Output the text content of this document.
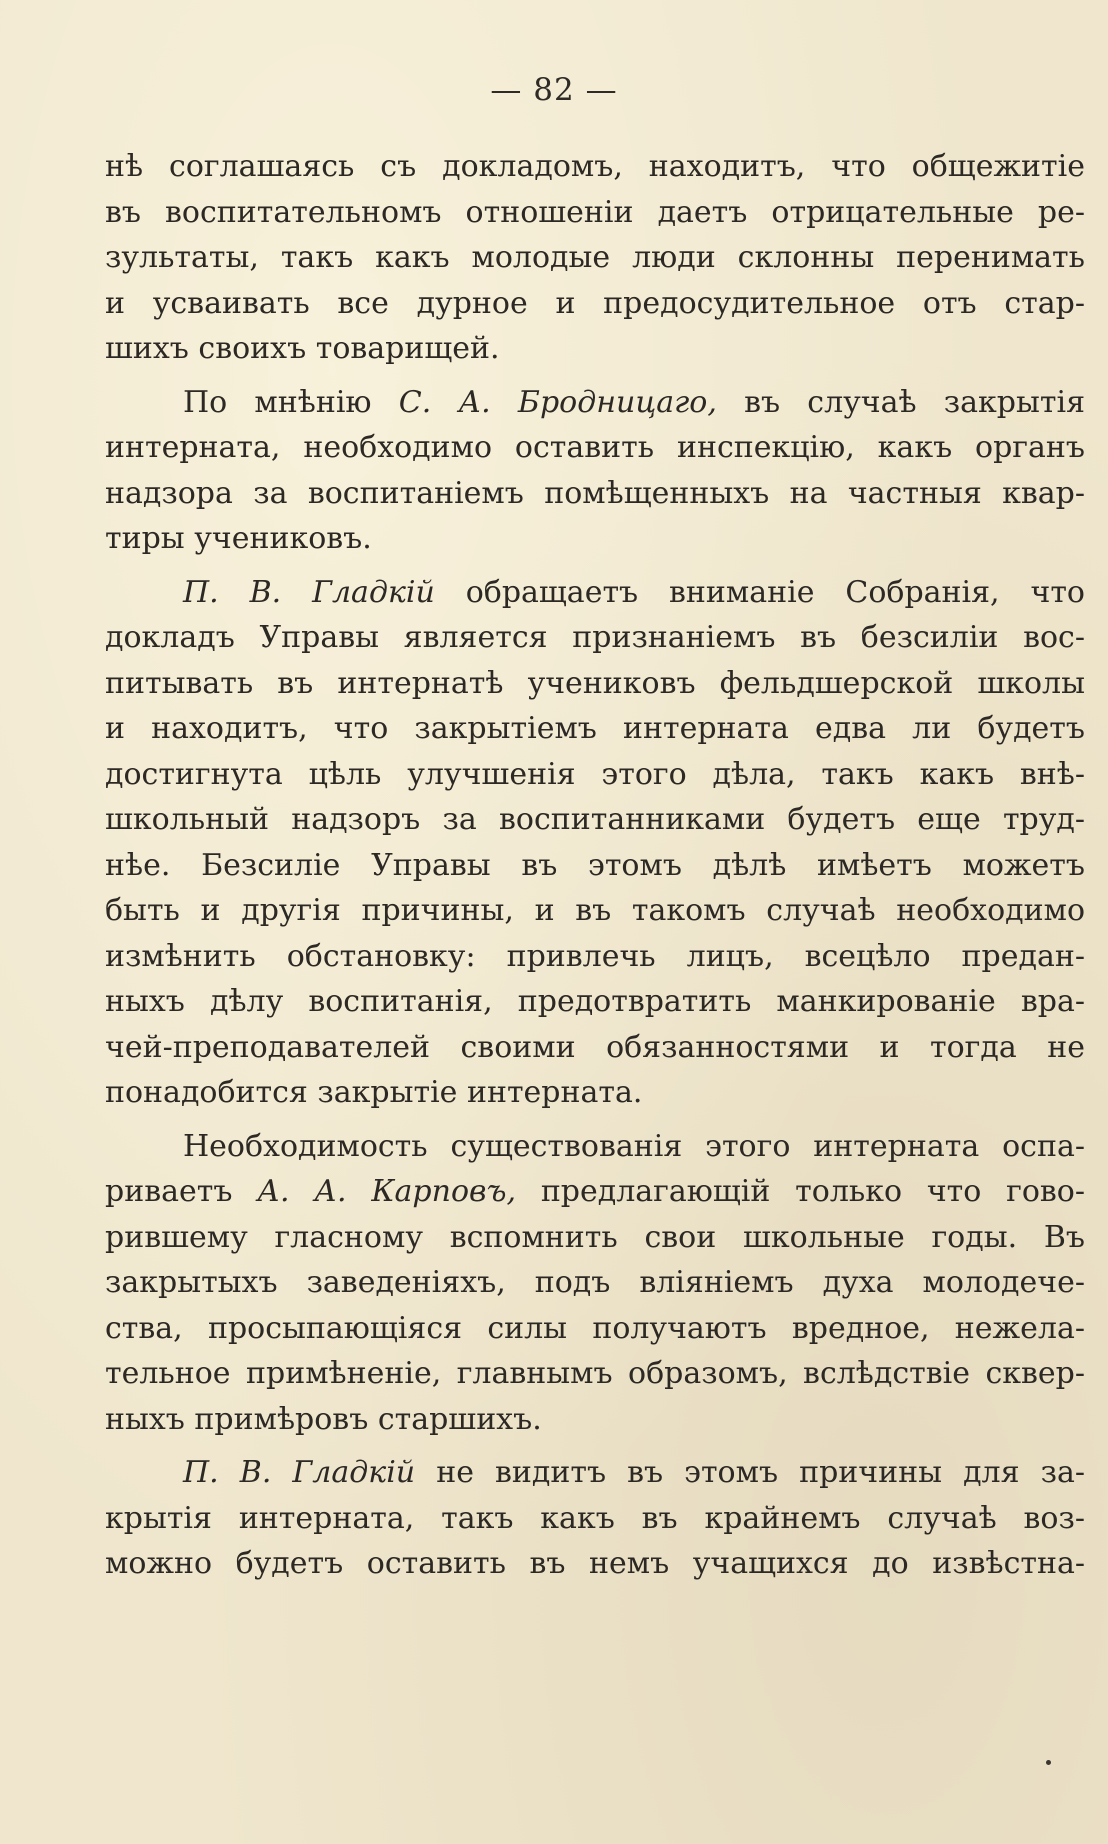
— 82 —
нѣ соглашаясь съ докладомъ, находитъ, что общежитіе
въ воспитательномъ отношеніи даетъ отрицательные ре-
зультаты, такъ какъ молодые люди склонны перенимать
и усваивать все дурное и предосудительное отъ стар-
шихъ своихъ товарищей.
По мнѣнію С. А. Бродницаго, въ случаѣ закрытія
интерната, необходимо оставить инспекцію, какъ органъ
надзора за воспитаніемъ помѣщенныхъ на частныя квар-
тиры учениковъ.
П. В. Гладкій обращаетъ вниманіе Собранія, что
докладъ Управы является признаніемъ въ безсиліи вос-
питывать въ интернатѣ учениковъ фельдшерской школы
и находитъ, что закрытіемъ интерната едва ли будетъ
достигнута цѣль улучшенія этого дѣла, такъ какъ внѣ-
школьный надзоръ за воспитанниками будетъ еще труд-
нѣе. Безсиліе Управы въ этомъ дѣлѣ имѣетъ можетъ
быть и другія причины, и въ такомъ случаѣ необходимо
измѣнить обстановку: привлечь лицъ, всецѣло предан-
ныхъ дѣлу воспитанія, предотвратить манкированіе вра-
чей-преподавателей своими обязанностями и тогда не
понадобится закрытіе интерната.
Необходимость существованія этого интерната оспа-
риваетъ А. А. Карповъ, предлагающій только что гово-
рившему гласному вспомнить свои школьные годы. Въ
закрытыхъ заведеніяхъ, подъ вліяніемъ духа молодече-
ства, просыпающіяся силы получаютъ вредное, нежела-
тельное примѣненіе, главнымъ образомъ, вслѣдствіе сквер-
ныхъ примѣровъ старшихъ.
П. В. Гладкій не видитъ въ этомъ причины для за-
крытія интерната, такъ какъ въ крайнемъ случаѣ воз-
можно будетъ оставить въ немъ учащихся до извѣстна-
